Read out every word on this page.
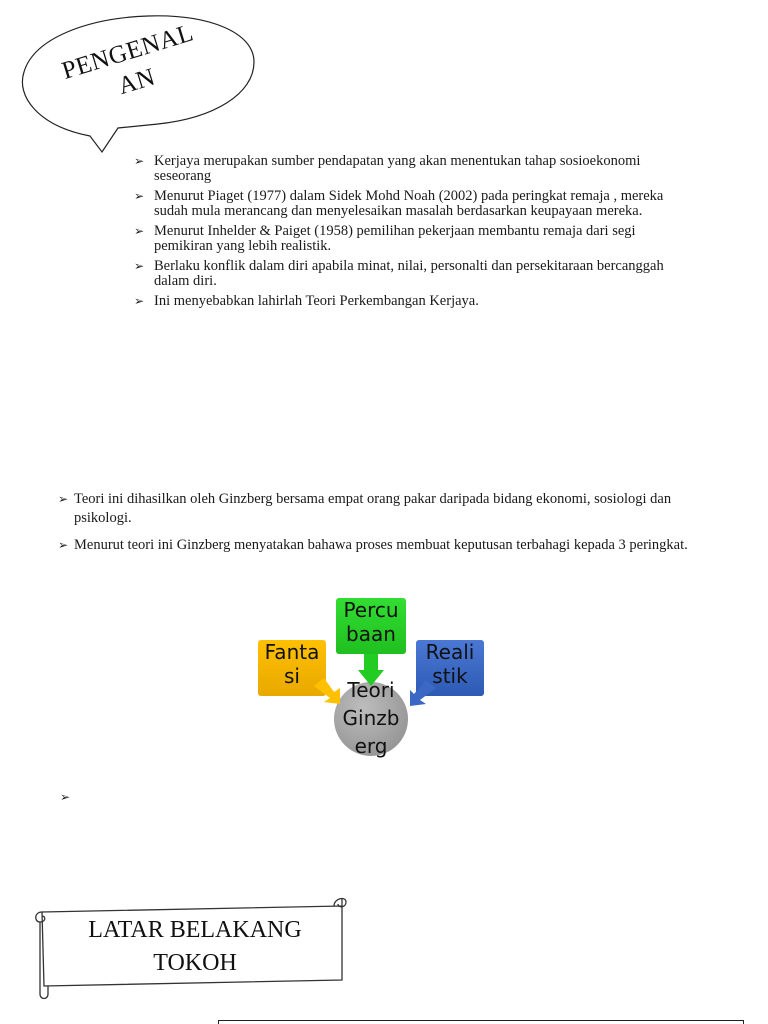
PENGENAL AN
➢ Kerjaya merupakan sumber pendapatan yang akan menentukan tahap sosioekonomi seseorang
➢ Menurut Piaget (1977) dalam Sidek Mohd Noah (2002) pada peringkat remaja , mereka sudah mula merancang dan menyelesaikan masalah berdasarkan keupayaan mereka.
➢ Menurut Inhelder & Paiget (1958) pemilihan pekerjaan membantu remaja dari segi pemikiran yang lebih realistik.
➢ Berlaku konflik dalam diri apabila minat, nilai, personalti dan persekitaraan bercanggah dalam diri.
➢ Ini menyebabkan lahirlah Teori Perkembangan Kerjaya.
➢ Teori ini dihasilkan oleh Ginzberg bersama empat orang pakar daripada bidang ekonomi, sosiologi dan psikologi.
➢ Menurut teori ini Ginzberg menyatakan bahawa proses membuat keputusan terbahagi kepada 3 peringkat.
Fanta si
Percu baan
Reali stik
Teori Ginzb erg
➢
LATAR BELAKANG TOKOH
